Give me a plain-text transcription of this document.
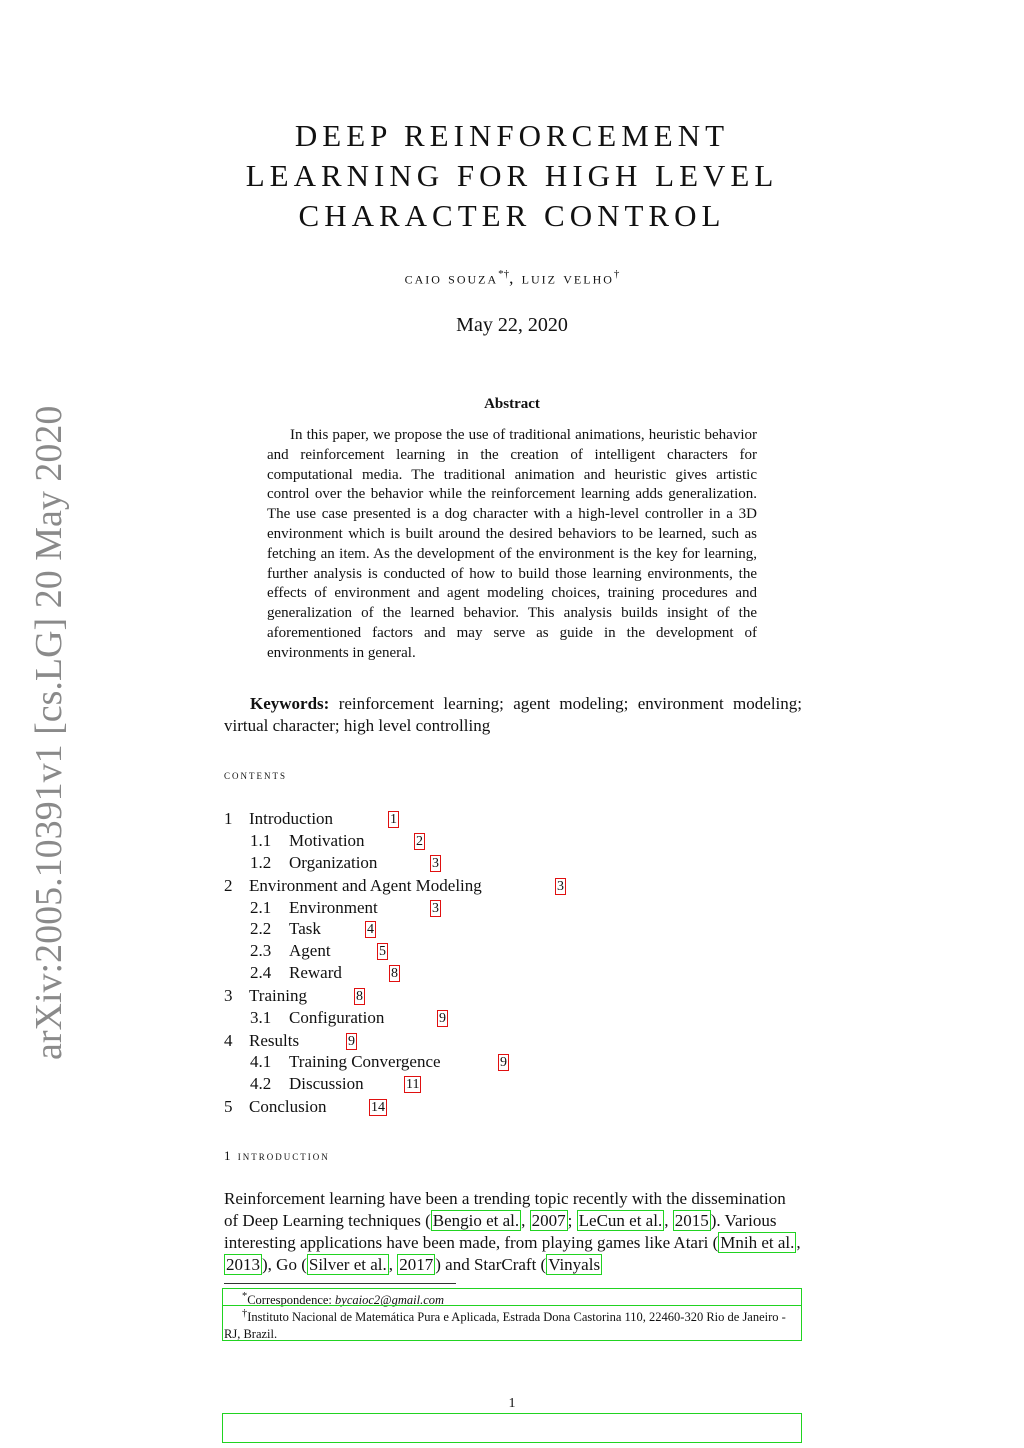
arXiv:2005.10391v1 [cs.LG] 20 May 2020
DEEP REINFORCEMENT
LEARNING FOR HIGH LEVEL
CHARACTER CONTROL
caio souza*†, luiz velho†
May 22, 2020
Abstract
In this paper, we propose the use of traditional animations, heuristic behavior and reinforcement learning in the creation of intelligent characters for computational media. The traditional animation and heuristic gives artistic control over the behavior while the reinforcement learning adds generalization. The use case presented is a dog character with a high-level controller in a 3D environment which is built around the desired behaviors to be learned, such as fetching an item. As the development of the environment is the key for learning, further analysis is conducted of how to build those learning environments, the effects of environment and agent modeling choices, training procedures and generalization of the learned behavior. This analysis builds insight of the aforementioned factors and may serve as guide in the development of environments in general.
Keywords: reinforcement learning; agent modeling; environment modeling; virtual character; high level controlling
contents
1 Introduction	1
1.1 Motivation	2
1.2 Organization	3
2 Environment and Agent Modeling	3
2.1 Environment	3
2.2 Task	4
2.3 Agent	5
2.4 Reward	8
3 Training	8
3.1 Configuration	9
4 Results	9
4.1 Training Convergence	9
4.2 Discussion	11
5 Conclusion	14
1 introduction
Reinforcement learning have been a trending topic recently with the dissemination of Deep Learning techniques ( Bengio et al. , 2007 ; LeCun et al. , 2015 ). Various interesting applications have been made, from playing games like Atari ( Mnih et al. , 2013 ), Go ( Silver et al. , 2017 ) and StarCraft ( Vinyals
*Correspondence: bycaioc2@gmail.com
†Instituto Nacional de Matemática Pura e Aplicada, Estrada Dona Castorina 110, 22460-320 Rio de Janeiro - RJ, Brazil.
1
